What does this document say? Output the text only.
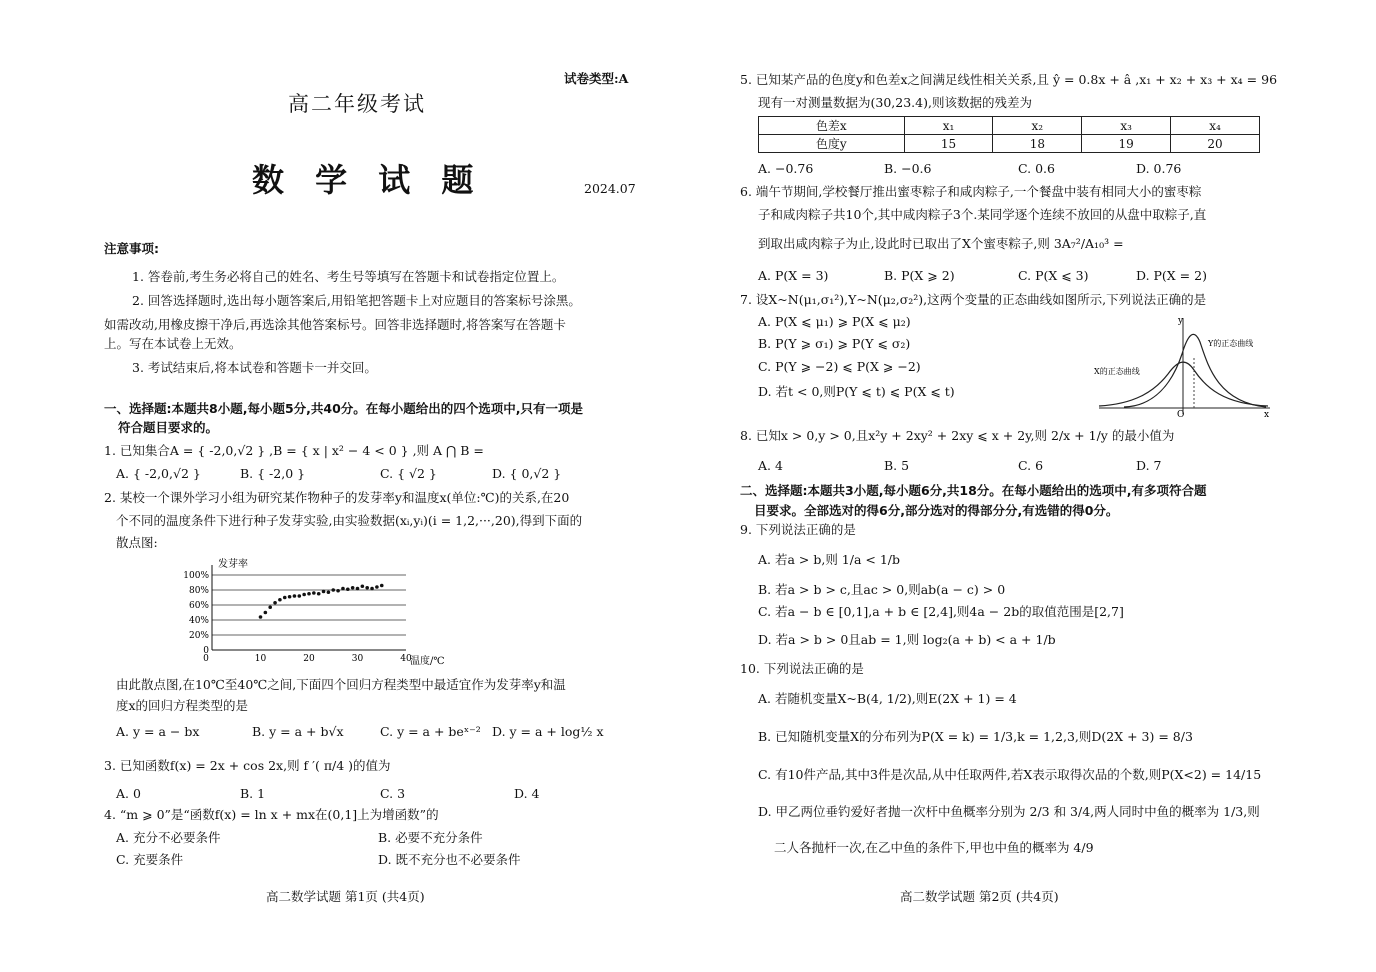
试卷类型:A
高二年级考试
数 学 试 题	2024.07
注意事项:
1. 答卷前,考生务必将自己的姓名、考生号等填写在答题卡和试卷指定位置上。
2. 回答选择题时,选出每小题答案后,用铅笔把答题卡上对应题目的答案标号涂黑。
如需改动,用橡皮擦干净后,再选涂其他答案标号。回答非选择题时,将答案写在答题卡
上。写在本试卷上无效。
3. 考试结束后,将本试卷和答题卡一并交回。
一、选择题:本题共8小题,每小题5分,共40分。在每小题给出的四个选项中,只有一项是
符合题目要求的。
1. 已知集合A = { -2,0,√2 } ,B = { x | x² − 4 < 0 } ,则 A ⋂ B =
A. { -2,0,√2 }	B. { -2,0 }	C. { √2 }	D. { 0,√2 }
2. 某校一个课外学习小组为研究某作物种子的发芽率y和温度x(单位:℃)的关系,在20
个不同的温度条件下进行种子发芽实验,由实验数据(xᵢ,yᵢ)(i = 1,2,···,20),得到下面的
散点图:
0
20%
40%
60%
80%
100%
0	10	20	30	40
发芽率
温度/℃
由此散点图,在10℃至40℃之间,下面四个回归方程类型中最适宜作为发芽率y和温
度x的回归方程类型的是
A. y = a − bx	B. y = a + b√x	C. y = a + beˣ⁻² D. y = a + log½ x
3. 已知函数f(x) = 2x + cos 2x,则 f ′( π/4 )的值为
A. 0	B. 1	C. 3	D. 4
4. “m ⩾ 0”是“函数f(x) = ln x + mx在(0,1]上为增函数”的
A. 充分不必要条件	B. 必要不充分条件
C. 充要条件	D. 既不充分也不必要条件
高二数学试题 第1页 (共4页)
5. 已知某产品的色度y和色差x之间满足线性相关关系,且 ŷ = 0.8x + â ,x₁ + x₂ + x₃ + x₄ = 96
现有一对测量数据为(30,23.4),则该数据的残差为
色差x	x₁	x₂	x₃	x₄
色度y	15	18	19	20
A. −0.76	B. −0.6	C. 0.6	D. 0.76
6. 端午节期间,学校餐厅推出蜜枣粽子和咸肉粽子,一个餐盘中装有相同大小的蜜枣粽
子和咸肉粽子共10个,其中咸肉粽子3个.某同学逐个连续不放回的从盘中取粽子,直
到取出咸肉粽子为止,设此时已取出了X个蜜枣粽子,则 3A₇²/A₁₀³ =
A. P(X = 3)	B. P(X ⩾ 2)	C. P(X ⩽ 3)	D. P(X = 2)
7. 设X~N(μ₁,σ₁²),Y~N(μ₂,σ₂²),这两个变量的正态曲线如图所示,下列说法正确的是
A. P(X ⩽ μ₁) ⩾ P(X ⩽ μ₂)
B. P(Y ⩾ σ₁) ⩾ P(Y ⩽ σ₂)
C. P(Y ⩾ −2) ⩽ P(X ⩾ −2)
D. 若t < 0,则P(Y ⩽ t) ⩽ P(X ⩽ t)
y
x
O
X的正态曲线
Y的正态曲线
8. 已知x > 0,y > 0,且x²y + 2xy² + 2xy ⩽ x + 2y,则 2/x + 1/y 的最小值为
A. 4	B. 5	C. 6	D. 7
二、选择题:本题共3小题,每小题6分,共18分。在每小题给出的选项中,有多项符合题
目要求。全部选对的得6分,部分选对的得部分分,有选错的得0分。
9. 下列说法正确的是
A. 若a > b,则 1/a < 1/b
B. 若a > b > c,且ac > 0,则ab(a − c) > 0
C. 若a − b ∈ [0,1],a + b ∈ [2,4],则4a − 2b的取值范围是[2,7]
D. 若a > b > 0且ab = 1,则 log₂(a + b) < a + 1/b
10. 下列说法正确的是
A. 若随机变量X~B(4, 1/2),则E(2X + 1) = 4
B. 已知随机变量X的分布列为P(X = k) = 1/3,k = 1,2,3,则D(2X + 3) = 8/3
C. 有10件产品,其中3件是次品,从中任取两件,若X表示取得次品的个数,则P(X<2) = 14/15
D. 甲乙两位垂钓爱好者抛一次杆中鱼概率分别为 2/3 和 3/4,两人同时中鱼的概率为 1/3,则
二人各抛杆一次,在乙中鱼的条件下,甲也中鱼的概率为 4/9
高二数学试题 第2页 (共4页)
